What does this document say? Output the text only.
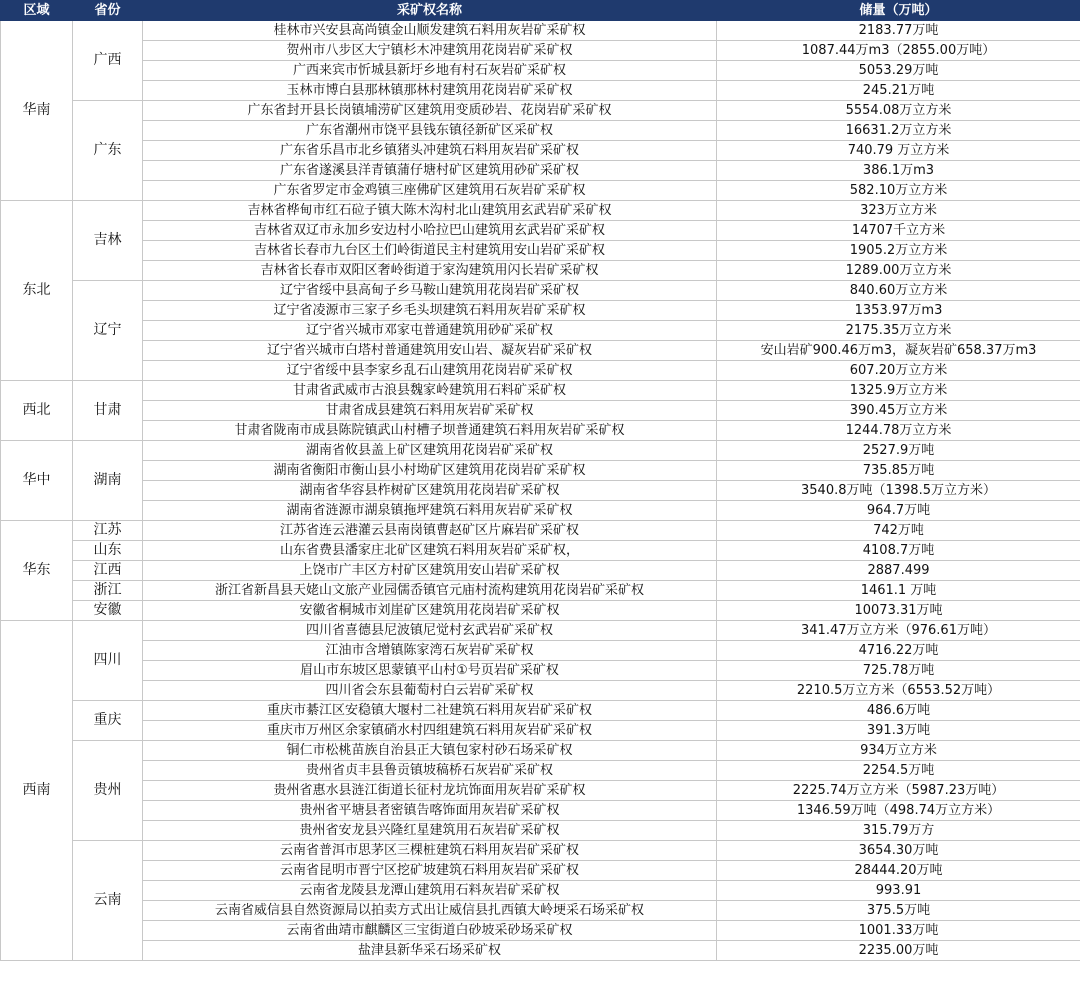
区域	省份	采矿权名称	储量（万吨）
华南	广西	桂林市兴安县高尚镇金山顺发建筑石料用灰岩矿采矿权	2183.77万吨
		贺州市八步区大宁镇杉木冲建筑用花岗岩矿采矿权	1087.44万m3（2855.00万吨）
		广西来宾市忻城县新圩乡地有村石灰岩矿采矿权	5053.29万吨
		玉林市博白县那林镇那林村建筑用花岗岩矿采矿权	245.21万吨
	广东	广东省封开县长岗镇埔涝矿区建筑用变质砂岩、花岗岩矿采矿权	5554.08万立方米
		广东省潮州市饶平县钱东镇径新矿区采矿权	16631.2万立方米
		广东省乐昌市北乡镇猪头冲建筑石料用灰岩矿采矿权	740.79 万立方米
		广东省遂溪县洋青镇蒲仔塘村矿区建筑用砂矿采矿权	386.1万m3
		广东省罗定市金鸡镇三座佛矿区建筑用石灰岩矿采矿权	582.10万立方米
东北	吉林	吉林省桦甸市红石砬子镇大陈木沟村北山建筑用玄武岩矿采矿权	323万立方米
		吉林省双辽市永加乡安边村小哈拉巴山建筑用玄武岩矿采矿权	14707千立方米
		吉林省长春市九台区土们岭街道民主村建筑用安山岩矿采矿权	1905.2万立方米
		吉林省长春市双阳区奢岭街道于家沟建筑用闪长岩矿采矿权	1289.00万立方米
	辽宁	辽宁省绥中县高甸子乡马鞍山建筑用花岗岩矿采矿权	840.60万立方米
		辽宁省凌源市三家子乡毛头坝建筑石料用灰岩矿采矿权	1353.97万m3
		辽宁省兴城市邓家屯普通建筑用砂矿采矿权	2175.35万立方米
		辽宁省兴城市白塔村普通建筑用安山岩、凝灰岩矿采矿权	安山岩矿900.46万m3，凝灰岩矿658.37万m3
		辽宁省绥中县李家乡乱石山建筑用花岗岩矿采矿权	607.20万立方米
西北	甘肃	甘肃省武威市古浪县魏家岭建筑用石料矿采矿权	1325.9万立方米
		甘肃省成县建筑石料用灰岩矿采矿权	390.45万立方米
		甘肃省陇南市成县陈院镇武山村槽子坝普通建筑石料用灰岩矿采矿权	1244.78万立方米
华中	湖南	湖南省攸县盖上矿区建筑用花岗岩矿采矿权	2527.9万吨
		湖南省衡阳市衡山县小村坳矿区建筑用花岗岩矿采矿权	735.85万吨
		湖南省华容县柞树矿区建筑用花岗岩矿采矿权	3540.8万吨（1398.5万立方米）
		湖南省涟源市湖泉镇拖坪建筑石料用灰岩矿采矿权	964.7万吨
华东	江苏	江苏省连云港灌云县南岗镇曹赵矿区片麻岩矿采矿权	742万吨
	山东	山东省费县潘家庄北矿区建筑石料用灰岩矿采矿权，	4108.7万吨
	江西	上饶市广丰区方村矿区建筑用安山岩矿采矿权	2887.499
	浙江	浙江省新昌县天姥山文旅产业园儒岙镇官元庙村流构建筑用花岗岩矿采矿权	1461.1 万吨
	安徽	安徽省桐城市刘崖矿区建筑用花岗岩矿采矿权	10073.31万吨
西南	四川	四川省喜德县尼波镇尼觉村玄武岩矿采矿权	341.47万立方米（976.61万吨）
		江油市含增镇陈家湾石灰岩矿采矿权	4716.22万吨
		眉山市东坡区思蒙镇平山村①号页岩矿采矿权	725.78万吨
		四川省会东县葡萄村白云岩矿采矿权	2210.5万立方米（6553.52万吨）
	重庆	重庆市綦江区安稳镇大堰村二社建筑石料用灰岩矿采矿权	486.6万吨
		重庆市万州区余家镇硝水村四组建筑石料用灰岩矿采矿权	391.3万吨
	贵州	铜仁市松桃苗族自治县正大镇包家村砂石场采矿权	934万立方米
		贵州省贞丰县鲁贡镇坡稿桥石灰岩矿采矿权	2254.5万吨
		贵州省惠水县涟江街道长征村龙坑饰面用灰岩矿采矿权	2225.74万立方米（5987.23万吨）
		贵州省平塘县者密镇告喀饰面用灰岩矿采矿权	1346.59万吨（498.74万立方米）
		贵州省安龙县兴隆红星建筑用石灰岩矿采矿权	315.79万方
	云南	云南省普洱市思茅区三棵桩建筑石料用灰岩矿采矿权	3654.30万吨
		云南省昆明市晋宁区挖矿坡建筑石料用灰岩矿采矿权	28444.20万吨
		云南省龙陵县龙潭山建筑用石料灰岩矿采矿权	993.91
		云南省威信县自然资源局以拍卖方式出让威信县扎西镇大岭埂采石场采矿权	375.5万吨
		云南省曲靖市麒麟区三宝街道白砂坡采砂场采矿权	1001.33万吨
		盐津县新华采石场采矿权	2235.00万吨
